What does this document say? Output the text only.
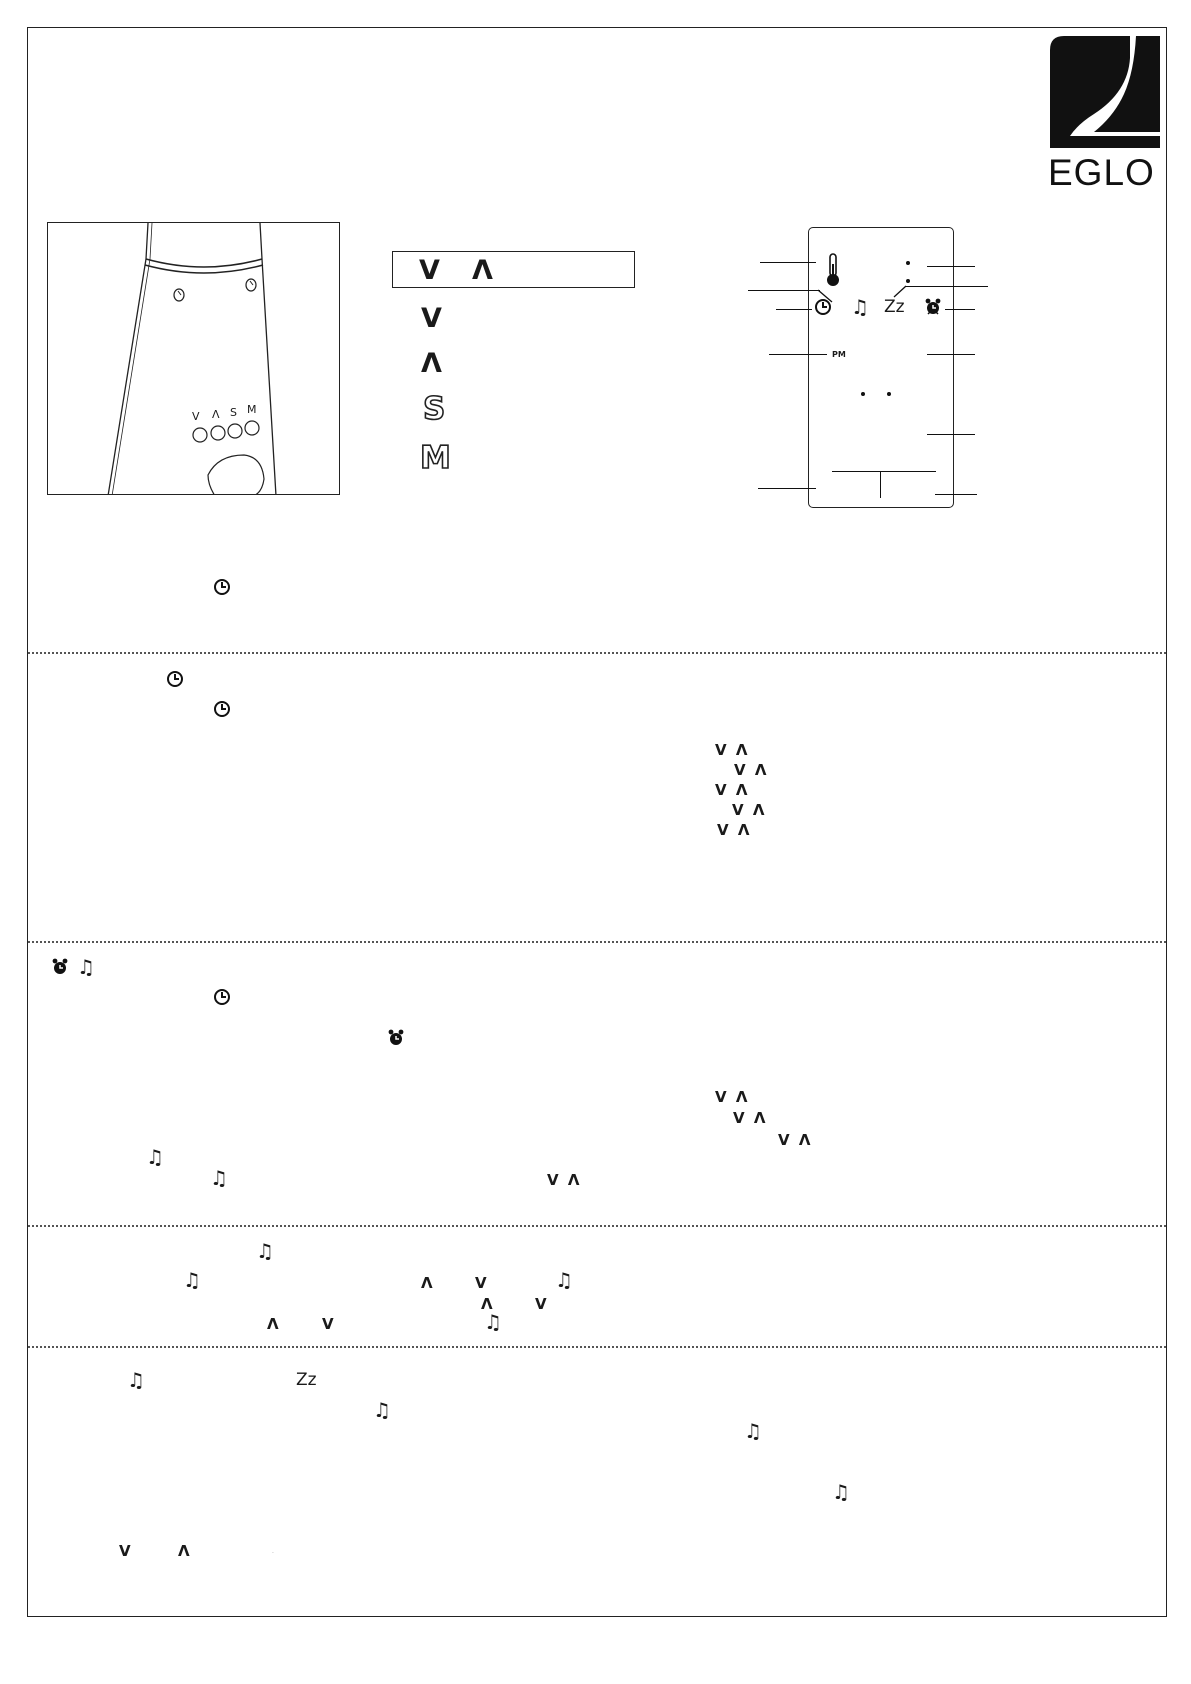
EGLO
V Λ S M
V Λ
V
Λ
S
M
♫ Zz
PM
V Λ
V Λ
V Λ
V Λ
V Λ
♫
V Λ
V Λ
V Λ
♫
♫	V Λ
♫
♫	Λ	V	♫
Λ	V
Λ	V	♫
♫	Zz
♫
♫
♫
V	Λ	.
